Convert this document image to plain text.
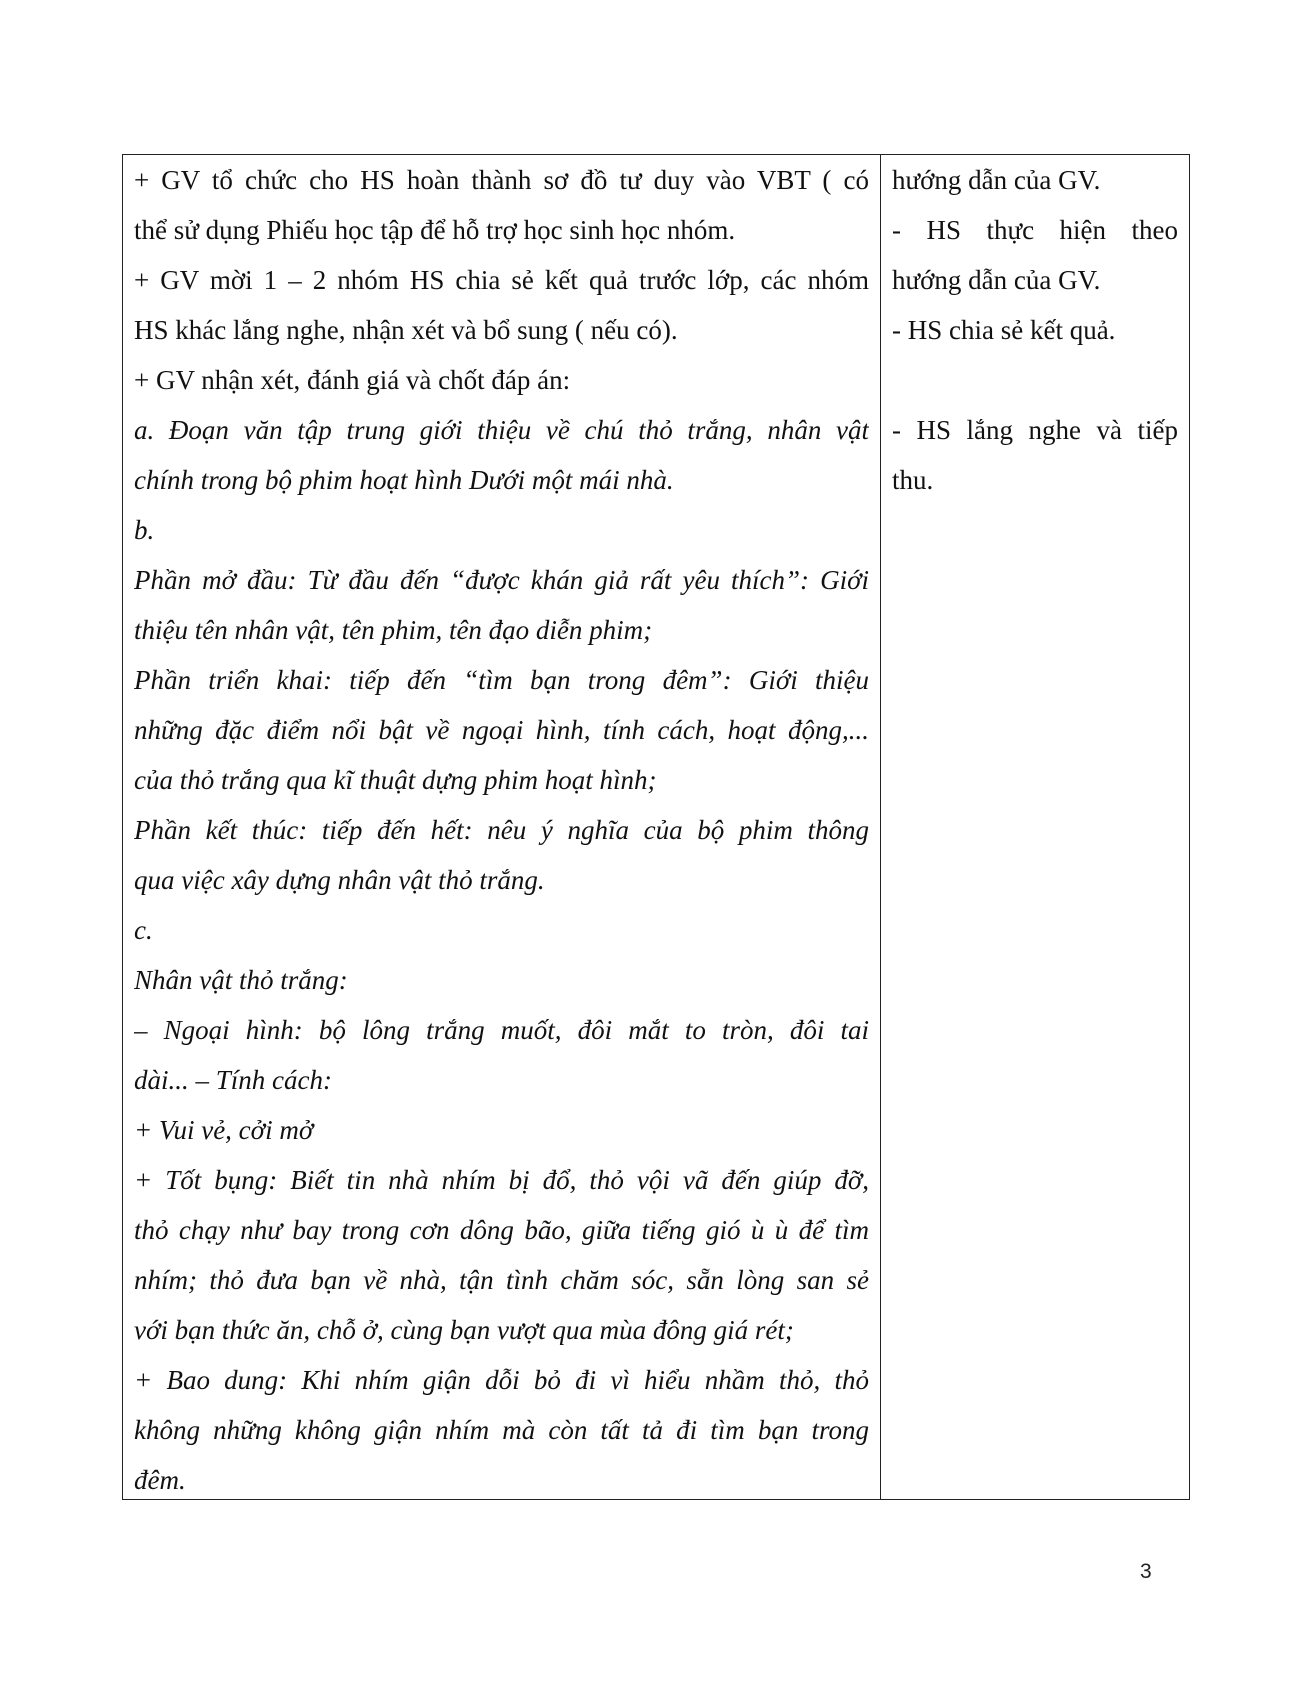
+ GV tổ chức cho HS hoàn thành sơ đồ tư duy vào VBT ( có
thể sử dụng Phiếu học tập để hỗ trợ học sinh học nhóm.
+ GV mời 1 – 2 nhóm HS chia sẻ kết quả trước lớp, các nhóm
HS khác lắng nghe, nhận xét và bổ sung ( nếu có).
+ GV nhận xét, đánh giá và chốt đáp án:
a. Đoạn văn tập trung giới thiệu về chú thỏ trắng, nhân vật
chính trong bộ phim hoạt hình Dưới một mái nhà.
b.
Phần mở đầu: Từ đầu đến “được khán giả rất yêu thích”: Giới
thiệu tên nhân vật, tên phim, tên đạo diễn phim;
Phần triển khai: tiếp đến “tìm bạn trong đêm”: Giới thiệu
những đặc điểm nổi bật về ngoại hình, tính cách, hoạt động,...
của thỏ trắng qua kĩ thuật dựng phim hoạt hình;
Phần kết thúc: tiếp đến hết: nêu ý nghĩa của bộ phim thông
qua việc xây dựng nhân vật thỏ trắng.
c.
Nhân vật thỏ trắng:
– Ngoại hình: bộ lông trắng muốt, đôi mắt to tròn, đôi tai
dài... – Tính cách:
+ Vui vẻ, cởi mở
+ Tốt bụng: Biết tin nhà nhím bị đổ, thỏ vội vã đến giúp đỡ,
thỏ chạy như bay trong cơn dông bão, giữa tiếng gió ù ù để tìm
nhím; thỏ đưa bạn về nhà, tận tình chăm sóc, sẵn lòng san sẻ
với bạn thức ăn, chỗ ở, cùng bạn vượt qua mùa đông giá rét;
+ Bao dung: Khi nhím giận dỗi bỏ đi vì hiểu nhầm thỏ, thỏ
không những không giận nhím mà còn tất tả đi tìm bạn trong
đêm.
hướng dẫn của GV.
- HS thực hiện theo
hướng dẫn của GV.
- HS chia sẻ kết quả.
- HS lắng nghe và tiếp
thu.
3
